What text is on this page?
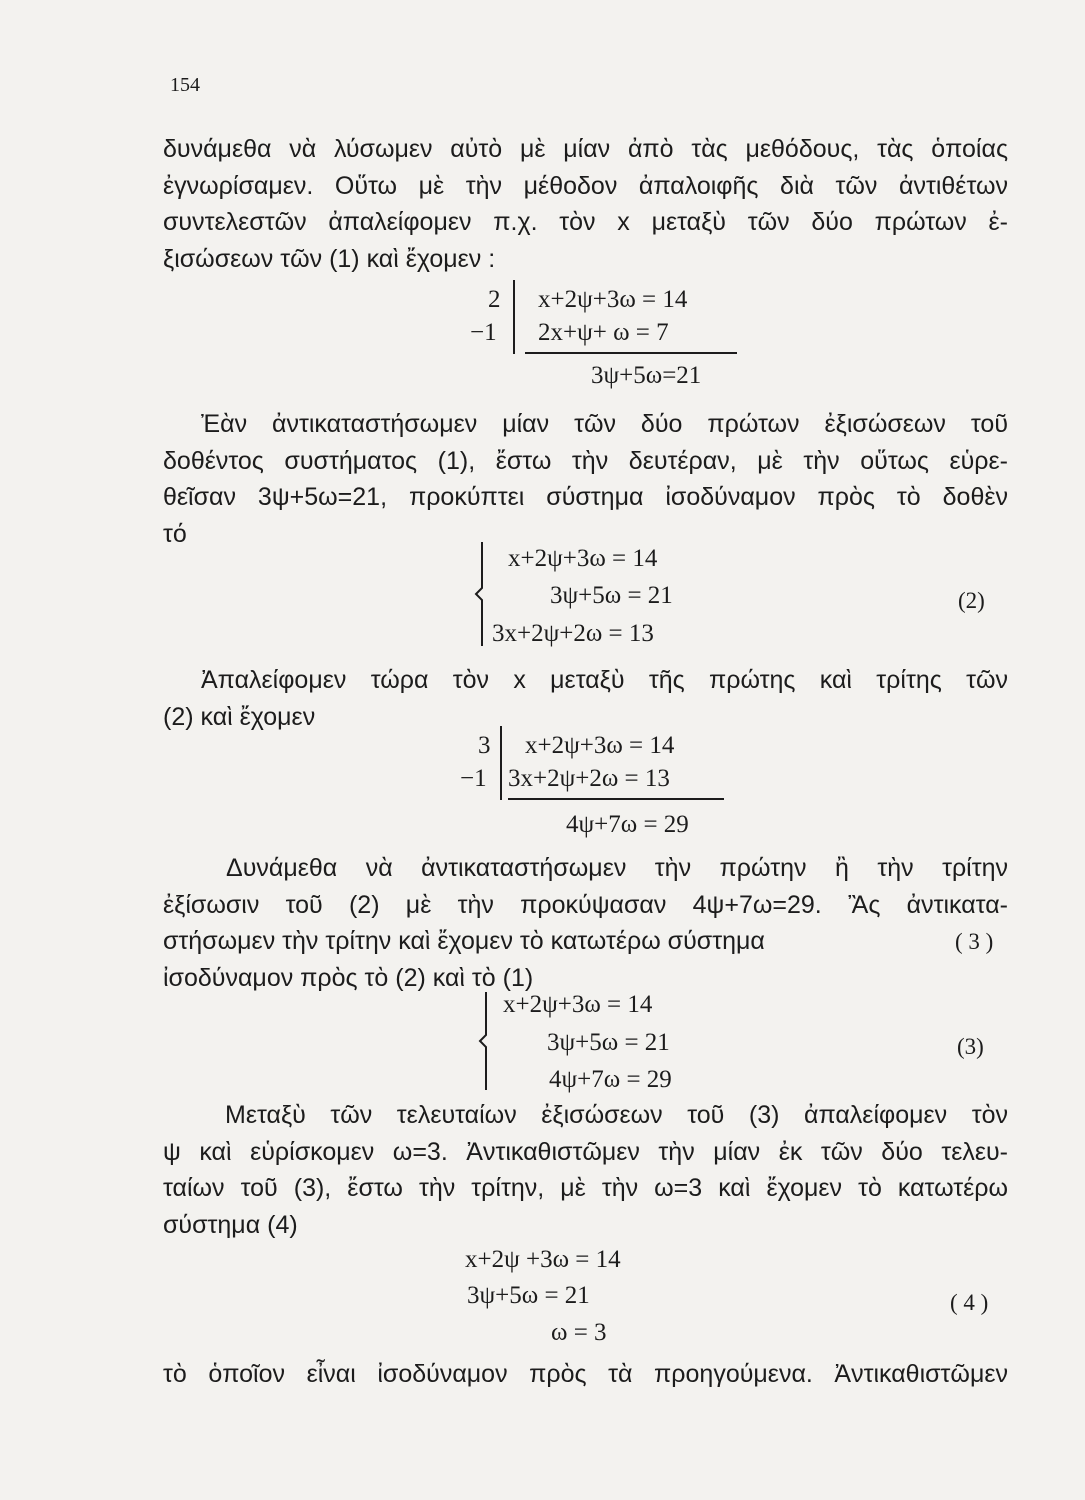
154
δυνάμεθα νὰ λύσωμεν αὐτὸ μὲ μίαν ἀπὸ τὰς μεθόδους, τὰς ὁποίας
ἐγνωρίσαμεν. Οὕτω μὲ τὴν μέθοδον ἀπαλοιφῆς διὰ τῶν ἀντιθέτων
συντελεστῶν ἀπαλείφομεν π.χ. τὸν x μεταξὺ τῶν δύο πρώτων ἐ-
ξισώσεων τῶν (1) καὶ ἔχομεν :
2
−1
x+2ψ+3ω = 14
2x+ψ+ ω = 7
3ψ+5ω=21
Ἐὰν ἀντικαταστήσωμεν μίαν τῶν δύο πρώτων ἐξισώσεων τοῦ
δοθέντος συστήματος (1), ἔστω τὴν δευτέραν, μὲ τὴν οὕτως εὑρε-
θεῖσαν 3ψ+5ω=21, προκύπτει σύστημα ἰσοδύναμον πρὸς τὸ δοθὲν
τό
x+2ψ+3ω = 14
3ψ+5ω = 21
3x+2ψ+2ω = 13
(2)
Ἀπαλείφομεν τώρα τὸν x μεταξὺ τῆς πρώτης καὶ τρίτης τῶν
(2) καὶ ἔχομεν
3
−1
x+2ψ+3ω = 14
3x+2ψ+2ω = 13
4ψ+7ω = 29
Δυνάμεθα νὰ ἀντικαταστήσωμεν τὴν πρώτην ἢ τὴν τρίτην
ἐξίσωσιν τοῦ (2) μὲ τὴν προκύψασαν 4ψ+7ω=29. Ἂς ἀντικατα-
στήσωμεν τὴν τρίτην καὶ ἔχομεν τὸ κατωτέρω σύστημα
ἰσοδύναμον πρὸς τὸ (2) καὶ τὸ (1)
( 3 )
x+2ψ+3ω = 14
3ψ+5ω = 21
4ψ+7ω = 29
(3)
Μεταξὺ τῶν τελευταίων ἐξισώσεων τοῦ (3) ἀπαλείφομεν τὸν
ψ καὶ εὑρίσκομεν ω=3. Ἀντικαθιστῶμεν τὴν μίαν ἐκ τῶν δύο τελευ-
ταίων τοῦ (3), ἔστω τὴν τρίτην, μὲ τὴν ω=3 καὶ ἔχομεν τὸ κατωτέρω
σύστημα (4)
x+2ψ +3ω = 14
3ψ+5ω = 21
ω = 3
( 4 )
τὸ ὁποῖον εἶναι ἰσοδύναμον πρὸς τὰ προηγούμενα. Ἀντικαθιστῶμεν
